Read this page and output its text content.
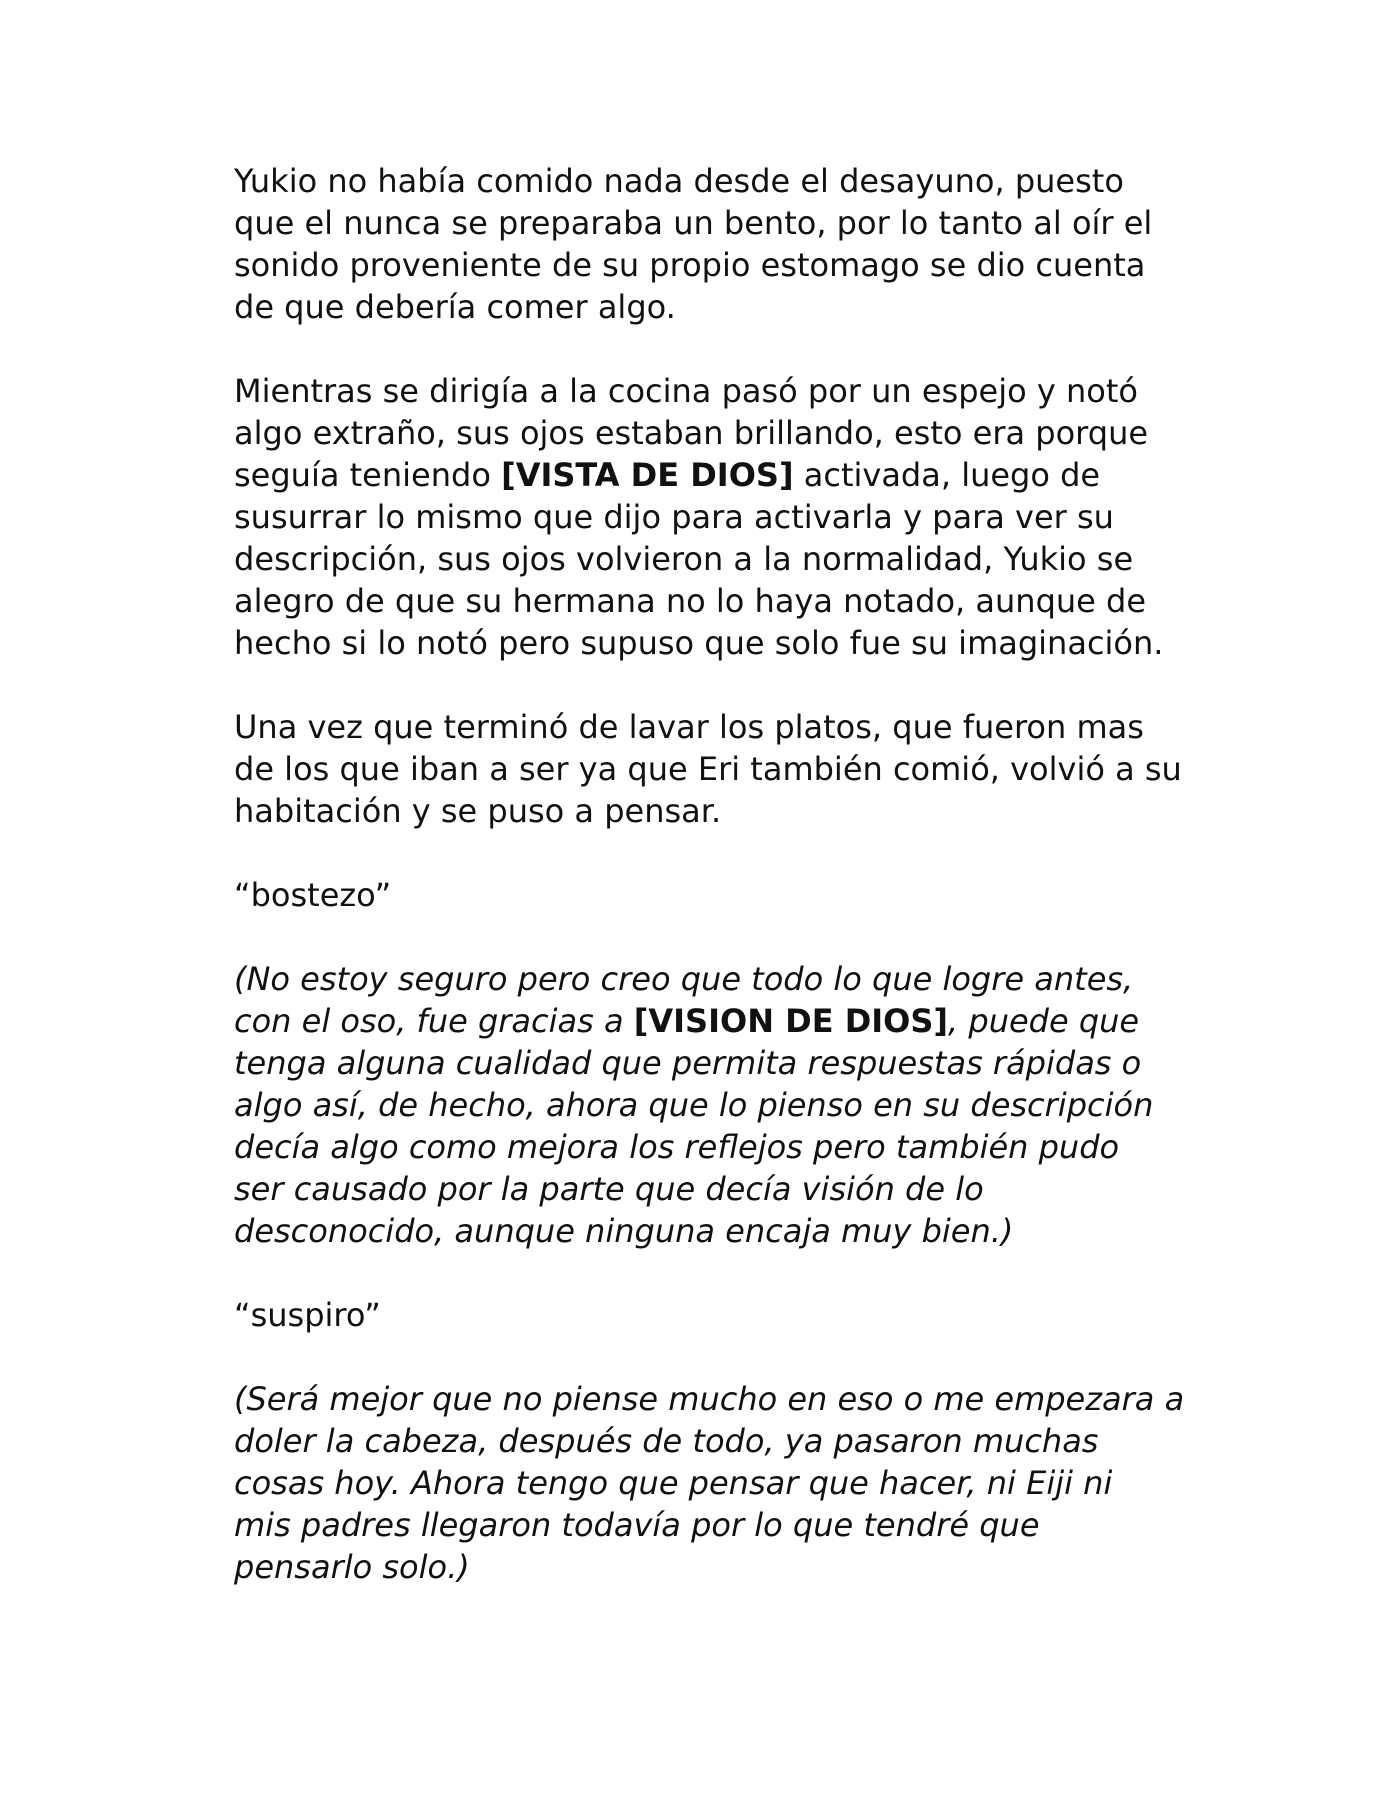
Yukio no había comido nada desde el desayuno, puesto
que el nunca se preparaba un bento, por lo tanto al oír el
sonido proveniente de su propio estomago se dio cuenta
de que debería comer algo.

Mientras se dirigía a la cocina pasó por un espejo y notó
algo extraño, sus ojos estaban brillando, esto era porque
seguía teniendo [VISTA DE DIOS] activada, luego de
susurrar lo mismo que dijo para activarla y para ver su
descripción, sus ojos volvieron a la normalidad, Yukio se
alegro de que su hermana no lo haya notado, aunque de
hecho si lo notó pero supuso que solo fue su imaginación.

Una vez que terminó de lavar los platos, que fueron mas
de los que iban a ser ya que Eri también comió, volvió a su
habitación y se puso a pensar.

“bostezo”

(No estoy seguro pero creo que todo lo que logre antes,
con el oso, fue gracias a [VISION DE DIOS], puede que
tenga alguna cualidad que permita respuestas rápidas o
algo así, de hecho, ahora que lo pienso en su descripción
decía algo como mejora los reflejos pero también pudo
ser causado por la parte que decía visión de lo
desconocido, aunque ninguna encaja muy bien.)

“suspiro”

(Será mejor que no piense mucho en eso o me empezara a
doler la cabeza, después de todo, ya pasaron muchas
cosas hoy. Ahora tengo que pensar que hacer, ni Eiji ni
mis padres llegaron todavía por lo que tendré que
pensarlo solo.)
